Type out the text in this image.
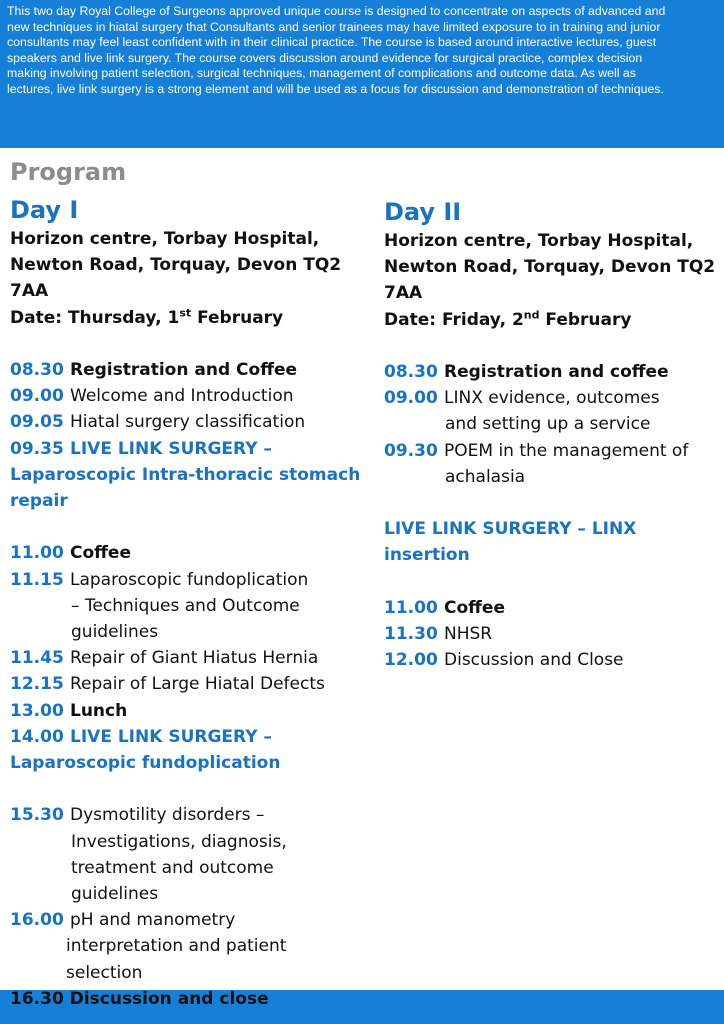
This two day Royal College of Surgeons approved unique course is designed to concentrate on aspects of advanced and new techniques in hiatal surgery that Consultants and senior trainees may have limited exposure to in training and junior consultants may feel least confident with in their clinical practice. The course is based around interactive lectures, guest speakers and live link surgery. The course covers discussion around evidence for surgical practice, complex decision making involving patient selection, surgical techniques, management of complications and outcome data. As well as lectures, live link surgery is a strong element and will be used as a focus for discussion and demonstration of techniques.
Program
Day I
Horizon centre, Torbay Hospital, Newton Road, Torquay, Devon TQ2 7AA
Date: Thursday, 1st February
08.30 Registration and Coffee
09.00 Welcome and Introduction
09.05 Hiatal surgery classification
09.35 LIVE LINK SURGERY –
Laparoscopic Intra-thoracic stomach repair
11.00 Coffee
11.15 Laparoscopic fundoplication
– Techniques and Outcome guidelines
11.45 Repair of Giant Hiatus Hernia
12.15 Repair of Large Hiatal Defects
13.00 Lunch
14.00 LIVE LINK SURGERY –
Laparoscopic fundoplication
15.30 Dysmotility disorders –
Investigations, diagnosis, treatment and outcome guidelines
16.00 pH and manometry
interpretation and patient selection
16.30 Discussion and close
Day II
Horizon centre, Torbay Hospital, Newton Road, Torquay, Devon TQ2 7AA
Date: Friday, 2nd February
08.30 Registration and coffee
09.00 LINX evidence, outcomes
and setting up a service
09.30 POEM in the management of
achalasia
LIVE LINK SURGERY – LINX insertion
11.00 Coffee
11.30 NHSR
12.00 Discussion and Close
